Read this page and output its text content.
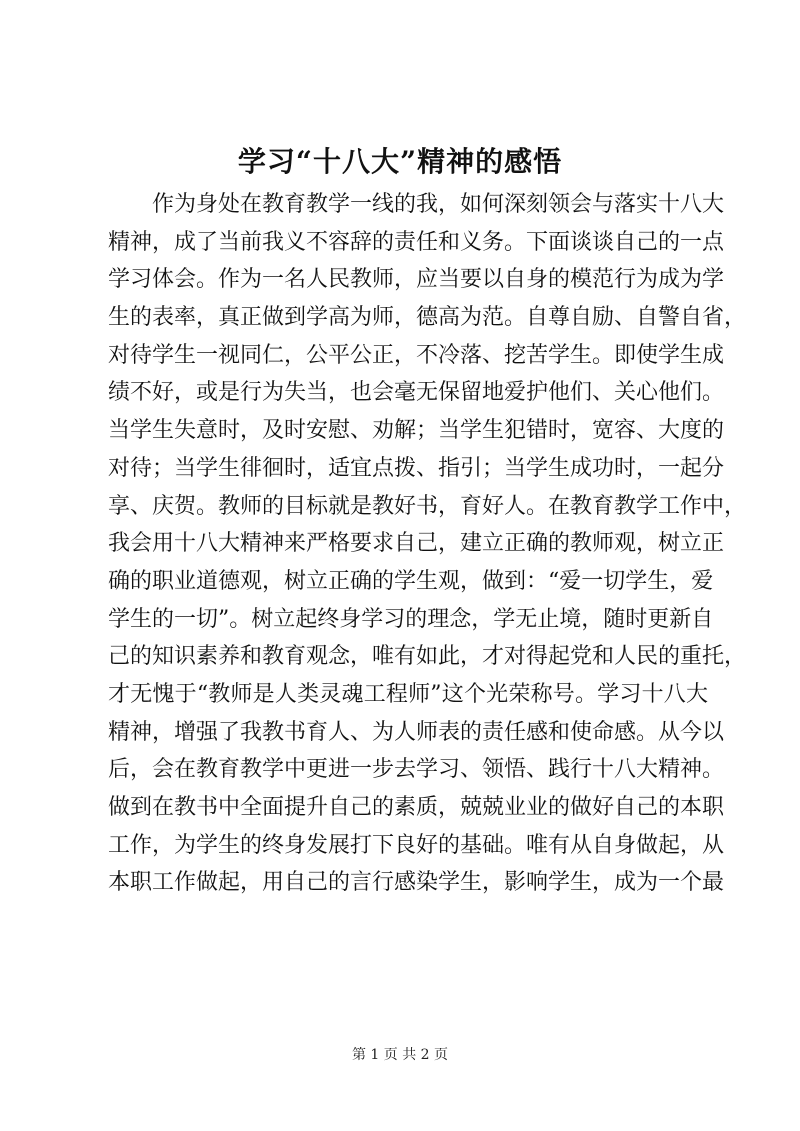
学习“十八大”精神的感悟
作为身处在教育教学一线的我，如何深刻领会与落实十八大
精神，成了当前我义不容辞的责任和义务。下面谈谈自己的一点
学习体会。作为一名人民教师，应当要以自身的模范行为成为学
生的表率，真正做到学高为师，德高为范。自尊自励、自警自省，
对待学生一视同仁，公平公正，不冷落、挖苦学生。即使学生成
绩不好，或是行为失当，也会毫无保留地爱护他们、关心他们。
当学生失意时，及时安慰、劝解；当学生犯错时，宽容、大度的
对待；当学生徘徊时，适宜点拨、指引；当学生成功时，一起分
享、庆贺。教师的目标就是教好书，育好人。在教育教学工作中，
我会用十八大精神来严格要求自己，建立正确的教师观，树立正
确的职业道德观，树立正确的学生观，做到：“爱一切学生，爱
学生的一切”。树立起终身学习的理念，学无止境，随时更新自
己的知识素养和教育观念，唯有如此，才对得起党和人民的重托，
才无愧于“教师是人类灵魂工程师”这个光荣称号。学习十八大
精神，增强了我教书育人、为人师表的责任感和使命感。从今以
后，会在教育教学中更进一步去学习、领悟、践行十八大精神。
做到在教书中全面提升自己的素质，兢兢业业的做好自己的本职
工作，为学生的终身发展打下良好的基础。唯有从自身做起，从
本职工作做起，用自己的言行感染学生，影响学生，成为一个最
第 1 页 共 2 页
